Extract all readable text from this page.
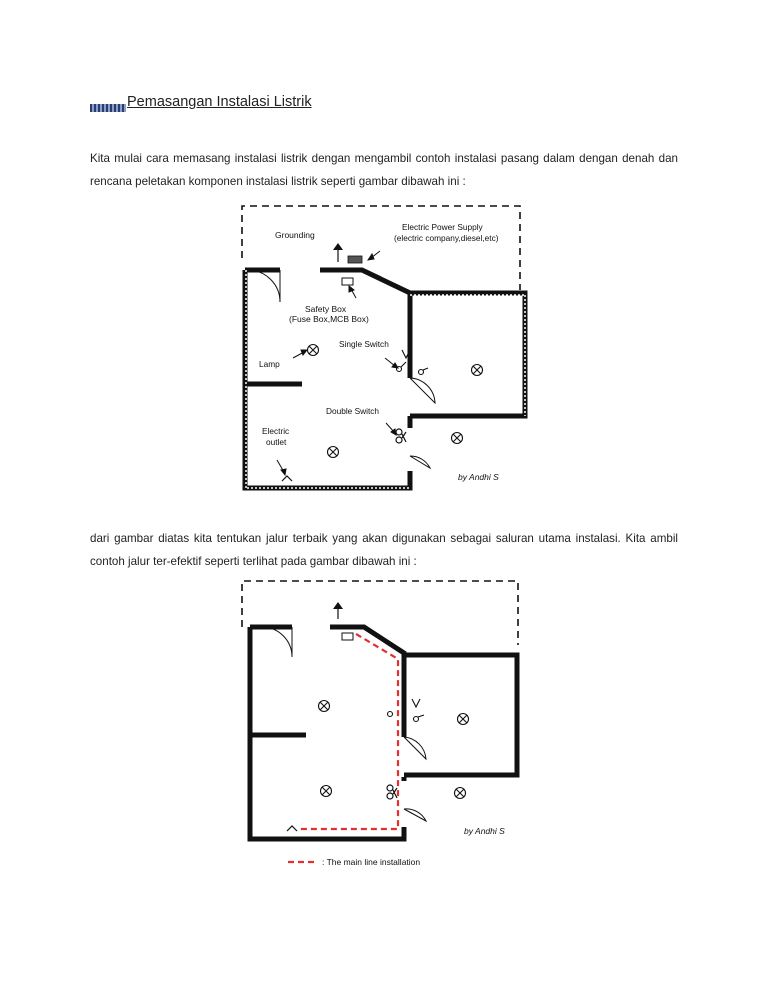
Pemasangan Instalasi Listrik

Kita mulai cara memasang instalasi listrik dengan mengambil contoh instalasi pasang dalam dengan denah dan rencana peletakan komponen instalasi listrik seperti gambar dibawah ini :

Grounding
Electric Power Supply
(electric company,diesel,etc)
Safety Box
(Fuse Box,MCB Box)
Single Switch
Lamp
Double Switch
Electric
outlet
by Andhi S

dari gambar diatas kita tentukan jalur terbaik yang akan digunakan sebagai saluran utama instalasi. Kita ambil contoh jalur ter-efektif seperti terlihat pada gambar dibawah ini :

by Andhi S
: The main line installation
